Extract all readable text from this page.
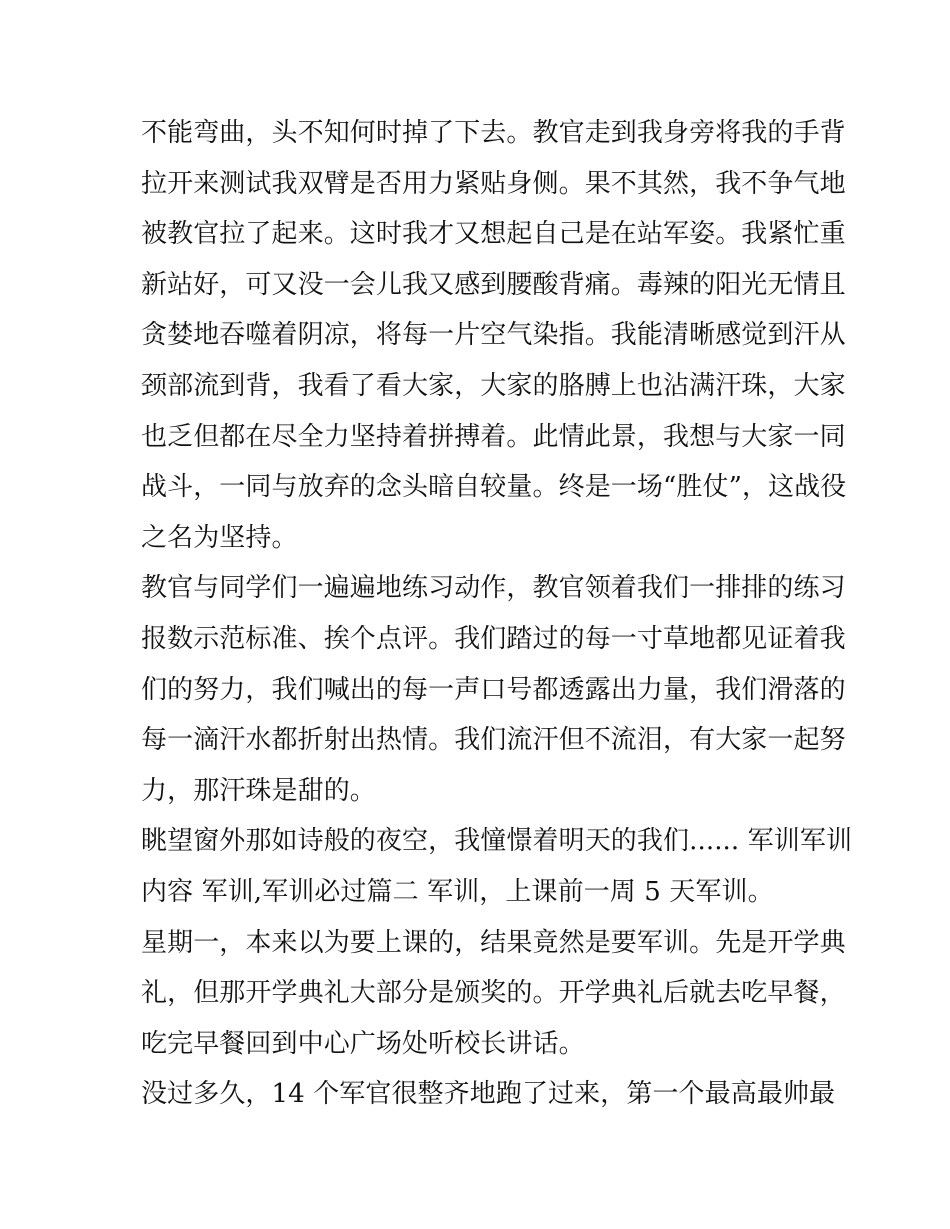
不能弯曲，头不知何时掉了下去。教官走到我身旁将我的手背
拉开来测试我双臂是否用力紧贴身侧。果不其然，我不争气地
被教官拉了起来。这时我才又想起自己是在站军姿。我紧忙重
新站好，可又没一会儿我又感到腰酸背痛。毒辣的阳光无情且
贪婪地吞噬着阴凉，将每一片空气染指。我能清晰感觉到汗从
颈部流到背，我看了看大家，大家的胳膊上也沾满汗珠，大家
也乏但都在尽全力坚持着拼搏着。此情此景，我想与大家一同
战斗，一同与放弃的念头暗自较量。终是一场“胜仗”，这战役
之名为坚持。
教官与同学们一遍遍地练习动作，教官领着我们一排排的练习
报数示范标准、挨个点评。我们踏过的每一寸草地都见证着我
们的努力，我们喊出的每一声口号都透露出力量，我们滑落的
每一滴汗水都折射出热情。我们流汗但不流泪，有大家一起努
力，那汗珠是甜的。
眺望窗外那如诗般的夜空，我憧憬着明天的我们...... 军训军训
内容 军训,军训必过篇二 军训，上课前一周 5 天军训。
星期一，本来以为要上课的，结果竟然是要军训。先是开学典
礼，但那开学典礼大部分是颁奖的。开学典礼后就去吃早餐，
吃完早餐回到中心广场处听校长讲话。
没过多久，14 个军官很整齐地跑了过来，第一个最高最帅最
